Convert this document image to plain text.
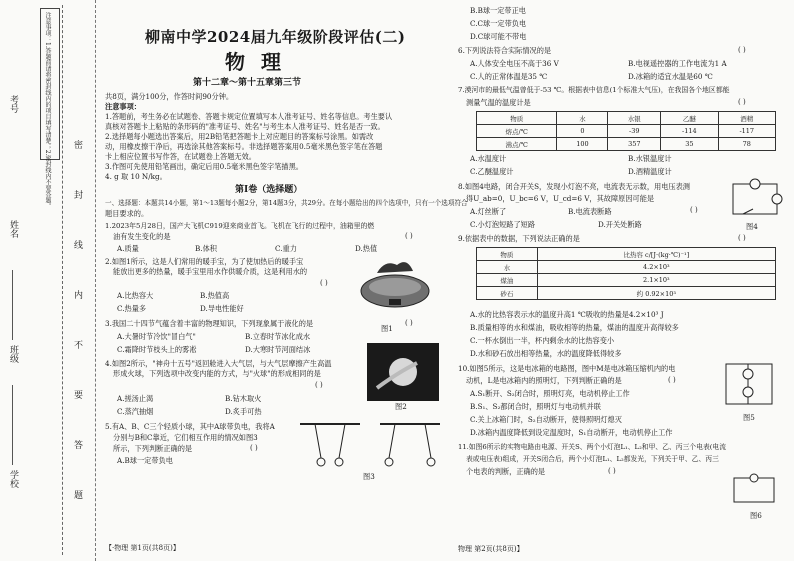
注意事项：1.答题前请将密封线内的项目填写清楚；2.密封线内不要答题。
学校
班级
姓名
考号
密
封
线
内
不
要
答
题
柳南中学2024届九年级阶段评估(二)
物理
第十二章～第十五章第三节
共8页，满分100分，作答时间90分钟。
注意事项：
1.答题前，考生务必在试题卷、答题卡规定位置填写本人准考证号、姓名等信息。考生要认
真核对答题卡上粘贴的条形码的"准考证号、姓名"与考生本人准考证号、姓名是否一致。
2.选择题每小题选出答案后，用2B铅笔把答题卡上对应题目的答案标号涂黑。如需改
动，用橡皮擦干净后，再选涂其他答案标号。非选择题答案用0.5毫米黑色签字笔在答题
卡上相应位置书写作答，在试题卷上答题无效。
3.作图可先使用铅笔画出，确定后用0.5毫米黑色签字笔描黑。
4. g 取 10 N/kg。
第Ⅰ卷（选择题）
一、选择题：本题共14小题，第1～13题每小题2分，第14题3分，共29分。在每小题给出的四个选项中，只有一个选项符合
题目要求的。
1.2023年5月28日，国产大飞机C919迎来商业首飞。飞机在飞行的过程中，油箱里的燃
油有发生变化的是	( )
A.质量	B.体积	C.重力	D.热值
2.如图1所示，这是人们常用的暖手宝，为了使加热后的暖手宝
能放出更多的热量，暖手宝里用水作供暖介质，这是利用水的
( )
A.比热容大	B.热值高
C.热量多	D.导电性能好
图1
3.我国二十四节气蕴含着丰富的物理知识，下列现象属于液化的是	( )
A.大暑时节冷饮"冒白气"	B.立春时节冰化成水
C.霜降时节枝头上的雾凇	D.大寒时节河面结冰
4.如图2所示，"神舟十五号"返回舱进入大气层，与大气层摩擦产生高温
形成火球，下列选项中改变内能的方式，与"火球"的形成相同的是
( )
A.搓汤止渴	B.钻木取火
C.蒸汽抽烟	D.炙手可热
图2
5.有A、B、C三个轻质小球，其中A球带负电，我将A
分别与B和C靠近，它们相互作用的情况如图3
所示，下列判断正确的是	( )
A.B球一定带负电
图3
【·物理 第1页(共8页)】
B.B球一定带正电
C.C球一定带负电
D.C球可能不带电
6.下列说法符合实际情况的是	( )
A.人体安全电压不高于36 V	B.电视遥控器的工作电流为1 A
C.人的正常体温是35 ℃	D.冰箱的适宜水温是60 ℃
7.漠河市的最低气温曾低于-53 ℃。根据表中信息(1个标准大气压)，在我国各个地区都能
测量气温的温度计是	( )
物质	水	水银	乙醚	酒精
熔点/℃	0	-39	-114	-117
沸点/℃	100	357	35	78
A.水温度计	B.水银温度计
C.乙醚温度计	D.酒精温度计
8.如图4电路，闭合开关S，发现小灯泡不亮，电流表无示数，用电压表测
得U_ab=0，U_bc=6 V，U_cd=6 V，其故障原因可能是
( )
A.灯丝断了	B.电流表断路
C.小灯泡短路了短路	D.开关处断路	图4
9.依据表中的数据，下列说法正确的是	( )
物质	比热容 c/[J·(kg·℃)⁻¹]
水	4.2×10³
煤油	2.1×10³
砂石	约 0.92×10³
A.水的比热容表示水的温度升高1 ℃吸收的热量是4.2×10³ J
B.质量相等的水和煤油，吸收相等的热量，煤油的温度升高得较多
C.一杯水倒出一半，杯内剩余水的比热容变小
D.水和砂石放出相等热量，水的温度降低得较多
10.如图5所示，这是电冰箱的电路图，图中M是电冰箱压缩机内的电
动机，L是电冰箱内的照明灯，下列判断正确的是	( )
A.S₁断开、S₂闭合时，照明灯亮，电动机停止工作
B.S₁、S₂都闭合时，照明灯与电动机并联
C.关上冰箱门时，S₂自动断开，使得照明灯熄灭
D.冰箱内温度降低到设定温度时，S₁自动断开，电动机停止工作
图5
11.如图6所示的实物电路由电源、开关S、两个小灯泡L₁、L₂和甲、乙、丙三个电表(电流
表或电压表)组成，开关S闭合后，两个小灯泡L₁、L₂都发光，下列关于甲、乙、丙三
个电表的判断，正确的是	( )
图6
物理 第2页(共8页)】
